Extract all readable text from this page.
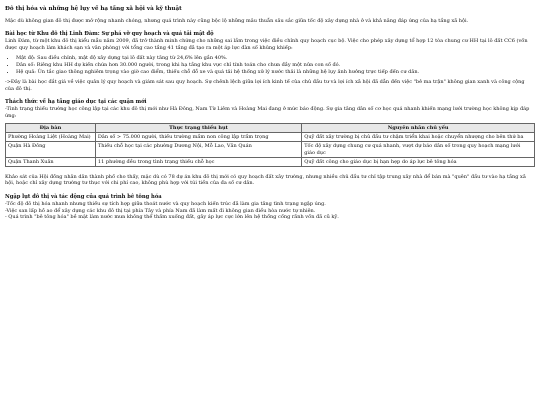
Đô thị hóa và những hệ lụy về hạ tầng xã hội và kỹ thuật

Mặc dù không gian đô thị được mở rộng nhanh chóng, nhưng quá trình này cũng bộc lộ những mâu thuẫn sâu sắc giữa tốc độ xây dựng nhà ở và khả năng đáp ứng của hạ tầng xã hội.

Bài học từ Khu đô thị Linh Đàm: Sự phá vỡ quy hoạch và quá tải mật độ

Linh Đàm, từ một khu đô thị kiểu mẫu năm 2009, đã trở thành minh chứng cho những sai lầm trong việc điều chỉnh quy hoạch cục bộ. Việc cho phép xây dựng tổ hợp 12 tòa chung cư HH tại lô đất CC6 (vốn được quy hoạch làm khách sạn và văn phòng) với tổng cao tầng 41 tầng đã tạo ra một áp lực đàn số khủng khiếp:

• Mật độ: Sau điều chỉnh, mật độ xây dựng tại lô đất này tăng từ 24,6% lên gần 40%.
• Dân số: Riêng khu HH dự kiến chứa hơn 30.000 người, trong khi hạ tầng khu vực chỉ tính toán cho chưa đầy một nửa con số đó.
• Hệ quả: Ùn tắc giao thông nghiêm trọng vào giờ cao điểm, thiếu chỗ đỗ xe và quá tải hệ thống xử lý nước thải là những hệ lụy ảnh hưởng trực tiếp đến cư dân.

->Đây là bài học đắt giá về việc quản lý quy hoạch và giám sát sau quy hoạch. Sự chênh lệch giữa lợi ích kinh tế của chủ đầu tư và lợi ích xã hội đã dẫn đến việc "bẻ ma trận" không gian xanh và công cộng của đô thị.

Thách thức về hạ tầng giáo dục tại các quận mới

-Tình trạng thiếu trường học công lập tại các khu đô thị mới như Hà Đông, Nam Từ Liêm và Hoàng Mai đang ở mức báo động. Sự gia tăng dân số cơ học quá nhanh khiến mạng lưới trường học không kịp đáp ứng:

Địa bàn	Thực trạng thiếu hụt	Nguyên nhân chủ yếu
Phường Hoàng Liệt (Hoàng Mai)	Dân số > 75.000 người, thiếu trường mầm non công lập trầm trọng	Quỹ đất xây trường bị chủ đầu tư chậm triển khai hoặc chuyển nhượng cho bên thứ ba
Quận Hà Đông	Thiếu chỗ học tại các phường Dương Nội, Mỗ Lao, Văn Quán	Tốc độ xây dựng chung cư quá nhanh, vượt dự báo dân số trong quy hoạch mạng lưới giáo dục
Quận Thanh Xuân	11 phường đều trong tình trạng thiếu chỗ học	Quỹ đất công cho giáo dục bị hạn hẹp do áp lực bê tông hóa

Khảo sát của Hội đồng nhân dân thành phố cho thấy, mặc dù có 78 dự án khu đô thị mới có quy hoạch đất xây trường, nhưng nhiều chủ đầu tư chỉ tập trung xây nhà để bán mà "quên" đầu tư vào hạ tầng xã hội, hoặc chỉ xây dựng trường tư thục với chi phí cao, không phù hợp với túi tiền của đa số cư dân.

Ngập lụt đô thị và tác động của quá trình bê tông hóa
-Tốc độ đô thị hóa nhanh nhưng thiếu sự tích hợp giữa thoát nước và quy hoạch kiến trúc đã làm gia tăng tình trạng ngập úng.
-Việc san lấp hồ ao để xây dựng các khu đô thị tại phía Tây và phía Nam đã làm mất đi không gian điều hòa nước tự nhiên.
- Quá trình "bê tông hóa" bề mặt làm nước mưa không thể thấm xuống đất, gây áp lực cực lớn lên hệ thống cống rãnh vốn đã cũ kỹ.
